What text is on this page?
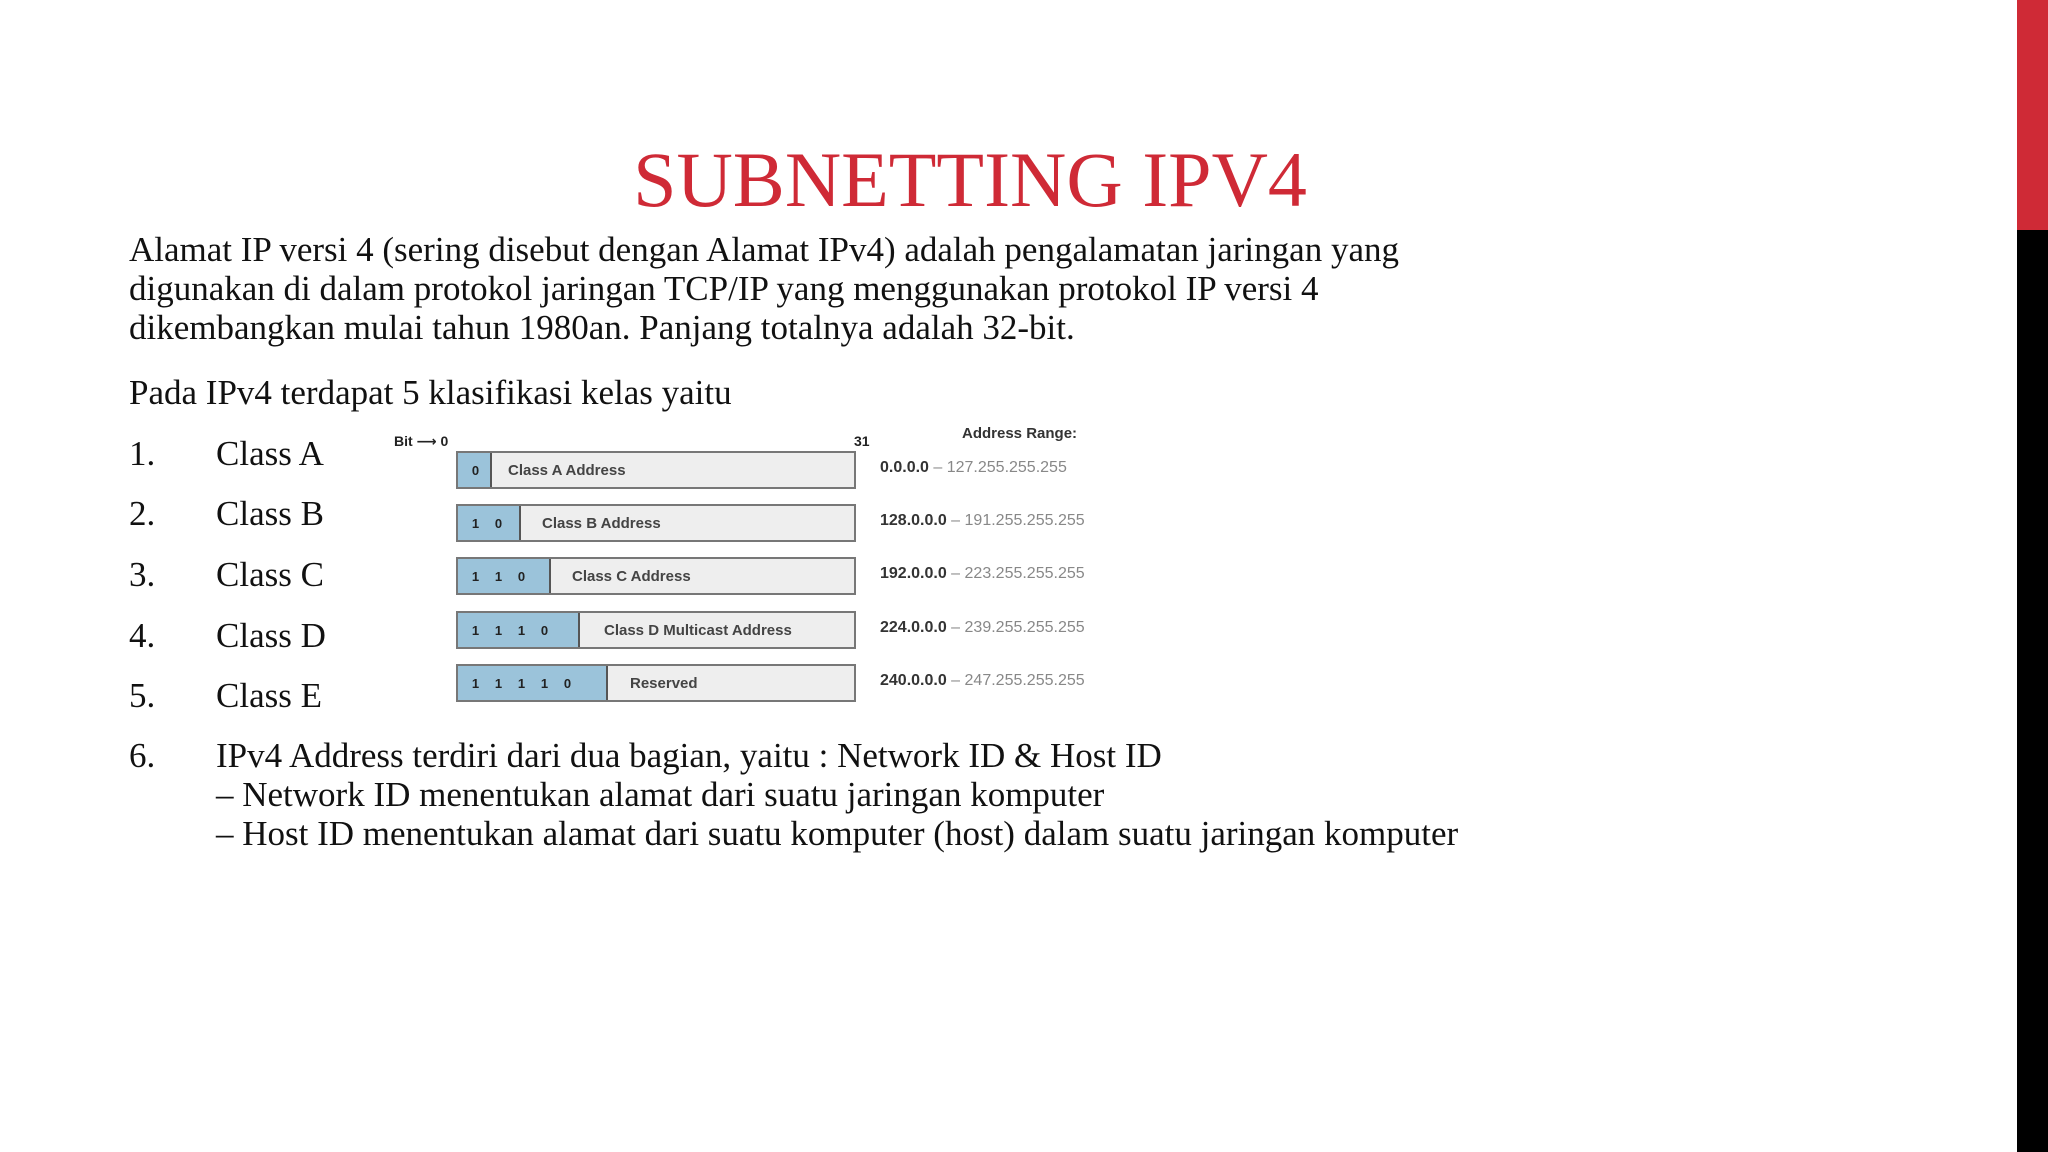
SUBNETTING IPV4
Alamat IP versi 4 (sering disebut dengan Alamat IPv4) adalah pengalamatan jaringan yang
digunakan di dalam protokol jaringan TCP/IP yang menggunakan protokol IP versi 4
dikembangkan mulai tahun 1980an. Panjang totalnya adalah 32-bit.
Pada IPv4 terdapat 5 klasifikasi kelas yaitu
1. Class A
2. Class B
3. Class C
4. Class D
5. Class E
6. IPv4 Address terdiri dari dua bagian, yaitu : Network ID & Host ID
– Network ID menentukan alamat dari suatu jaringan komputer
– Host ID menentukan alamat dari suatu komputer (host) dalam suatu jaringan komputer
Bit ⟶ 0	31	Address Range:
0	Class A Address	0.0.0.0 – 127.255.255.255
1	0	Class B Address	128.0.0.0 – 191.255.255.255
1	1	0	Class C Address	192.0.0.0 – 223.255.255.255
1	1	1	0	Class D Multicast Address	224.0.0.0 – 239.255.255.255
1	1	1	1	0	Reserved	240.0.0.0 – 247.255.255.255
